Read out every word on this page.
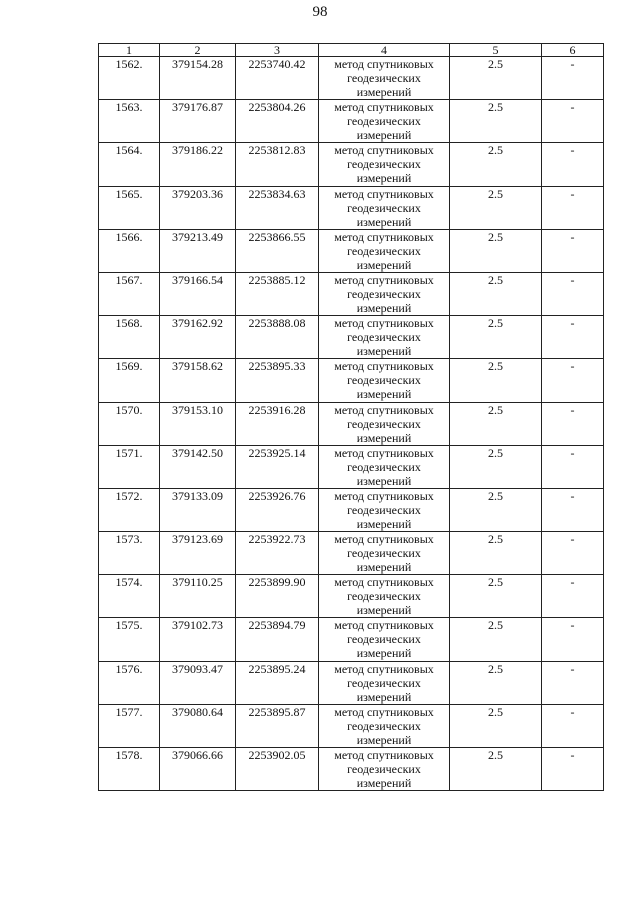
98
1	2	3	4	5	6
1562.	379154.28	2253740.42	метод спутниковых геодезических измерений	2.5	-
1563.	379176.87	2253804.26	метод спутниковых геодезических измерений	2.5	-
1564.	379186.22	2253812.83	метод спутниковых геодезических измерений	2.5	-
1565.	379203.36	2253834.63	метод спутниковых геодезических измерений	2.5	-
1566.	379213.49	2253866.55	метод спутниковых геодезических измерений	2.5	-
1567.	379166.54	2253885.12	метод спутниковых геодезических измерений	2.5	-
1568.	379162.92	2253888.08	метод спутниковых геодезических измерений	2.5	-
1569.	379158.62	2253895.33	метод спутниковых геодезических измерений	2.5	-
1570.	379153.10	2253916.28	метод спутниковых геодезических измерений	2.5	-
1571.	379142.50	2253925.14	метод спутниковых геодезических измерений	2.5	-
1572.	379133.09	2253926.76	метод спутниковых геодезических измерений	2.5	-
1573.	379123.69	2253922.73	метод спутниковых геодезических измерений	2.5	-
1574.	379110.25	2253899.90	метод спутниковых геодезических измерений	2.5	-
1575.	379102.73	2253894.79	метод спутниковых геодезических измерений	2.5	-
1576.	379093.47	2253895.24	метод спутниковых геодезических измерений	2.5	-
1577.	379080.64	2253895.87	метод спутниковых геодезических измерений	2.5	-
1578.	379066.66	2253902.05	метод спутниковых геодезических измерений	2.5	-
